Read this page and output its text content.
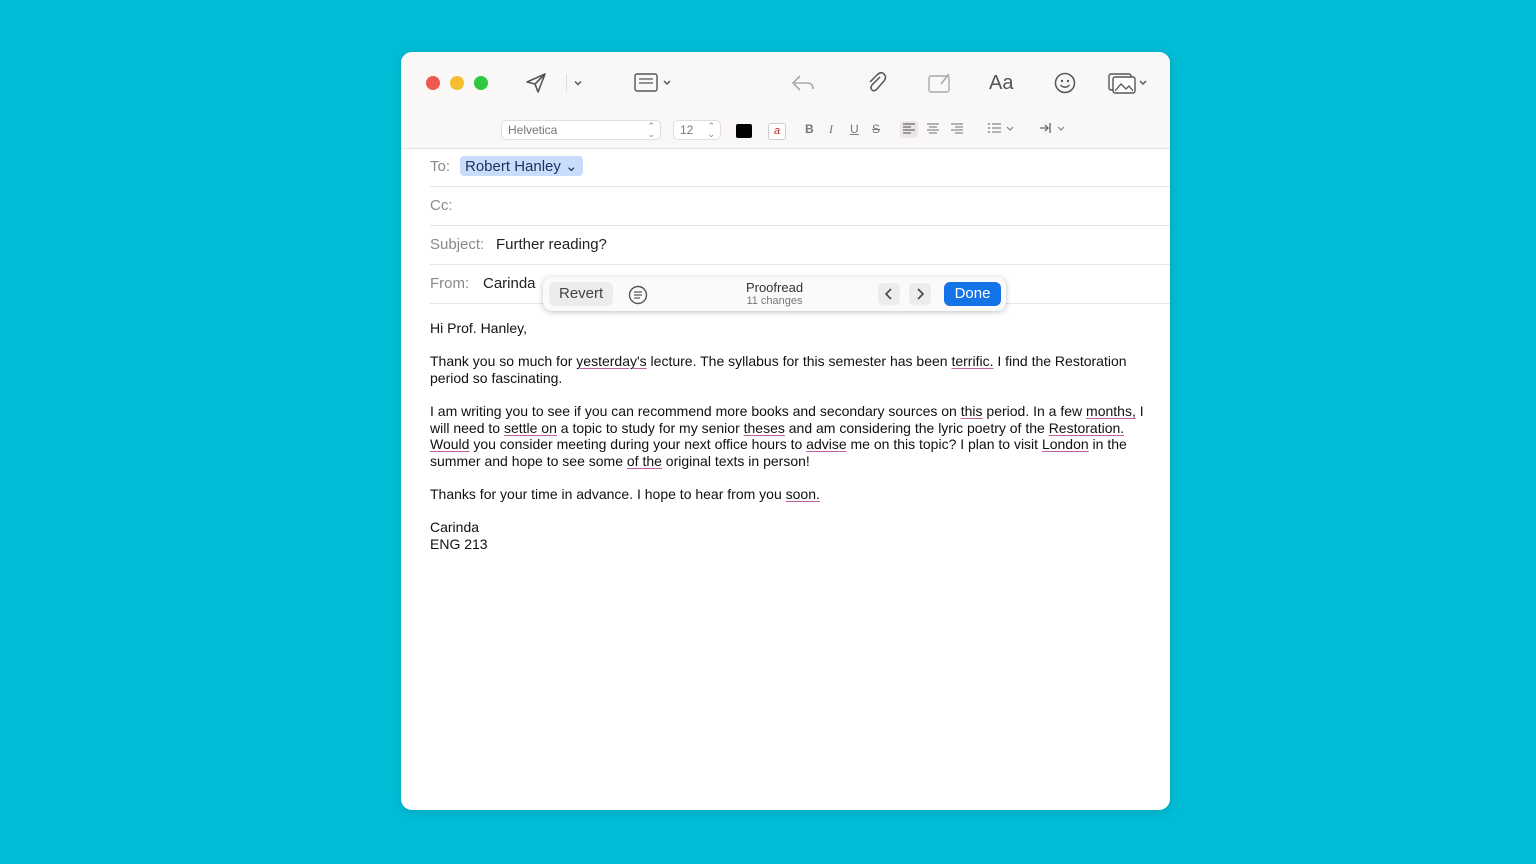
Aa
Helvetica	⌃
⌄	12 ⌃
⌄	a	B I U S
To: Robert Hanley ⌄
Cc:
Subject: Further reading?
From: Carinda

Hi Prof. Hanley,

Thank you so much for yesterday's lecture. The syllabus for this semester has been terrific. I find the Restoration period so fascinating.

I am writing you to see if you can recommend more books and secondary sources on this period. In a few months, I will need to settle on a topic to study for my senior theses and am considering the lyric poetry of the Restoration. Would you consider meeting during your next office hours to advise me on this topic? I plan to visit London in the summer and hope to see some of the original texts in person!

Thanks for your time in advance. I hope to hear from you soon.

Carinda
ENG 213
Revert	Proofread
11 changes	Done
